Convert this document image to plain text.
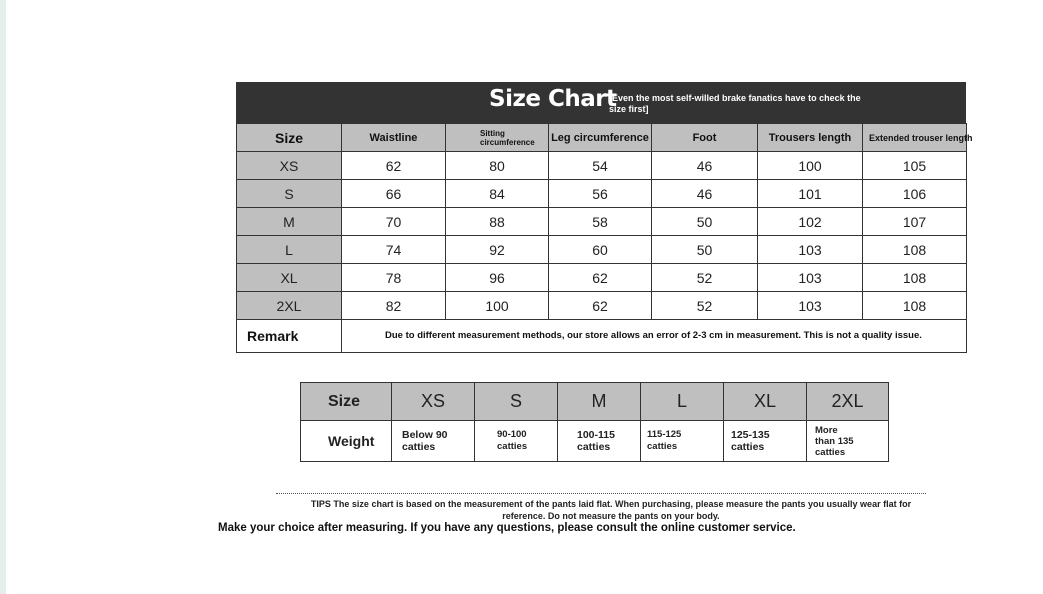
Size Chart
[Even the most self-willed brake fanatics have to check the size first]
Size	Waistline	Sitting circumference	Leg circumference	Foot	Trousers length	Extended trouser length
XS	62	80	54	46	100	105
S	66	84	56	46	101	106
M	70	88	58	50	102	107
L	74	92	60	50	103	108
XL	78	96	62	52	103	108
2XL	82	100	62	52	103	108
Remark	Due to different measurement methods, our store allows an error of 2-3 cm in measurement. This is not a quality issue.					
Size	XS	S	M	L	XL	2XL
Weight	Below 90 catties	90-100 catties	100-115 catties	115-125 catties	125-135 catties	More than 135 catties
TIPS The size chart is based on the measurement of the pants laid flat. When purchasing, please measure the pants you usually wear flat for reference. Do not measure the pants on your body.
Make your choice after measuring. If you have any questions, please consult the online customer service.
